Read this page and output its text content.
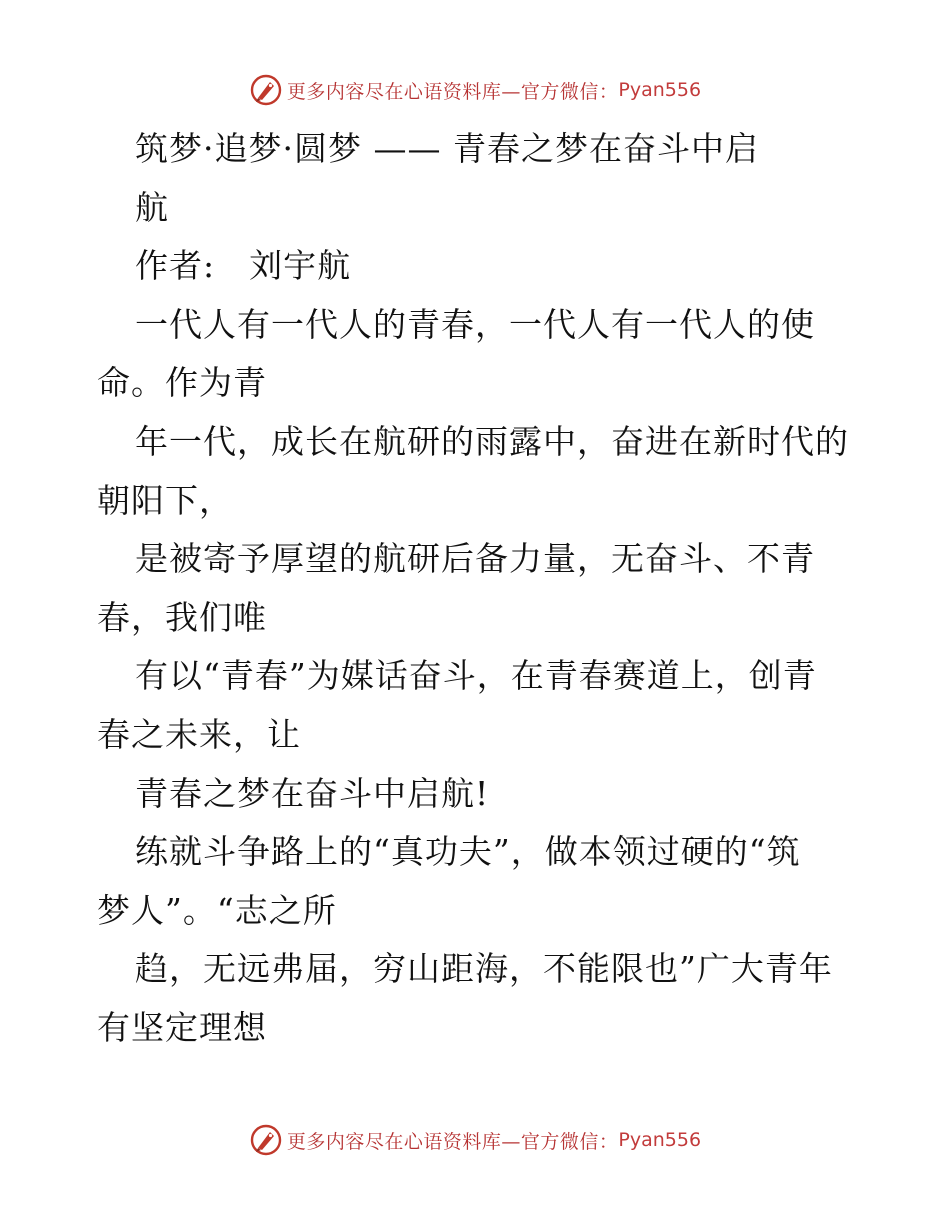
更多内容尽在心语资料库—官方微信： Pyan556
筑梦·追梦·圆梦 —— 青春之梦在奋斗中启
航
作者:　刘宇航
一代人有一代人的青春，一代人有一代人的使
命。作为青
年一代，成长在航研的雨露中，奋进在新时代的
朝阳下，
是被寄予厚望的航研后备力量，无奋斗、不青
春，我们唯
有以“青春”为媒话奋斗，在青春赛道上，创青
春之未来，让
青春之梦在奋斗中启航!
练就斗争路上的“真功夫”，做本领过硬的“筑
梦人”。“志之所
趋，无远弗届，穷山距海，不能限也”广大青年
有坚定理想
更多内容尽在心语资料库—官方微信： Pyan556
